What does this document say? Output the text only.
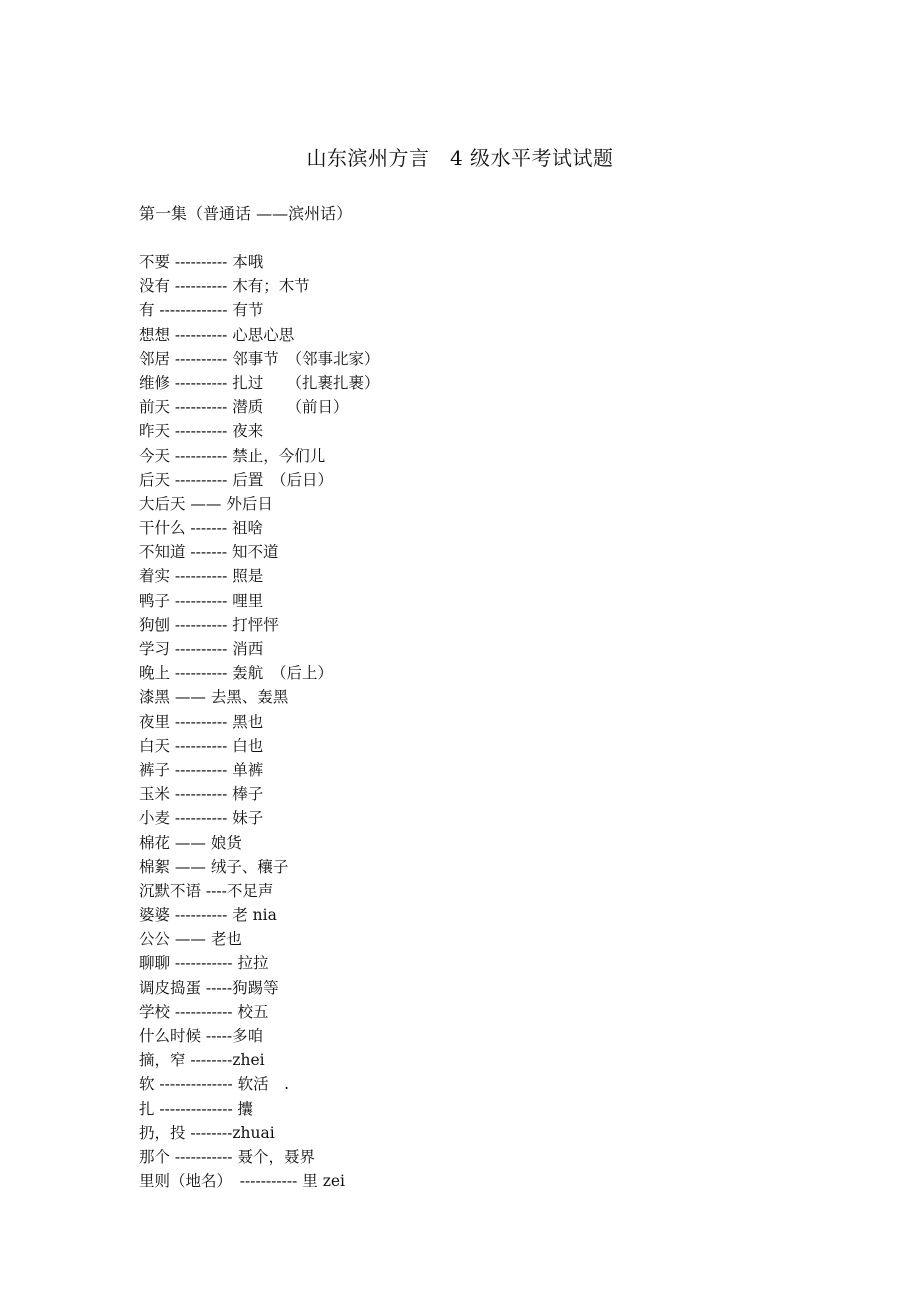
山东滨州方言　4 级水平考试试题
第一集（普通话 ——滨州话）
不要 ---------- 本哦
没有 ---------- 木有；木节
有 ------------- 有节
想想 ---------- 心思心思
邻居 ---------- 邻事节　（邻事北家）
维修 ---------- 扎过　　（扎裹扎裹）
前天 ---------- 潜质　　（前日）
昨天 ---------- 夜来
今天 ---------- 禁止，今们儿
后天 ---------- 后置　（后日）
大后天 —— 外后日
干什么 ------- 祖啥
不知道 ------- 知不道
着实 ---------- 照是
鸭子 ---------- 哩里
狗刨 ---------- 打怦怦
学习 ---------- 消西
晚上 ---------- 轰航　（后上）
漆黑 —— 去黑、轰黑
夜里 ---------- 黑也
白天 ---------- 白也
裤子 ---------- 单裤
玉米 ---------- 棒子
小麦 ---------- 妹子
棉花 —— 娘货
棉絮 —— 绒子、穰子
沉默不语 ----不足声
婆婆 ---------- 老 nia
公公 —— 老也
聊聊 ----------- 拉拉
调皮捣蛋 -----狗踢等
学校 ----------- 校五
什么时候 -----多咱
摘，窄 --------zhei
软 -------------- 软活　.
扎 -------------- 攮
扔，投 --------zhuai
那个 ----------- 聂个，聂界
里则（地名）　----------- 里 zei
